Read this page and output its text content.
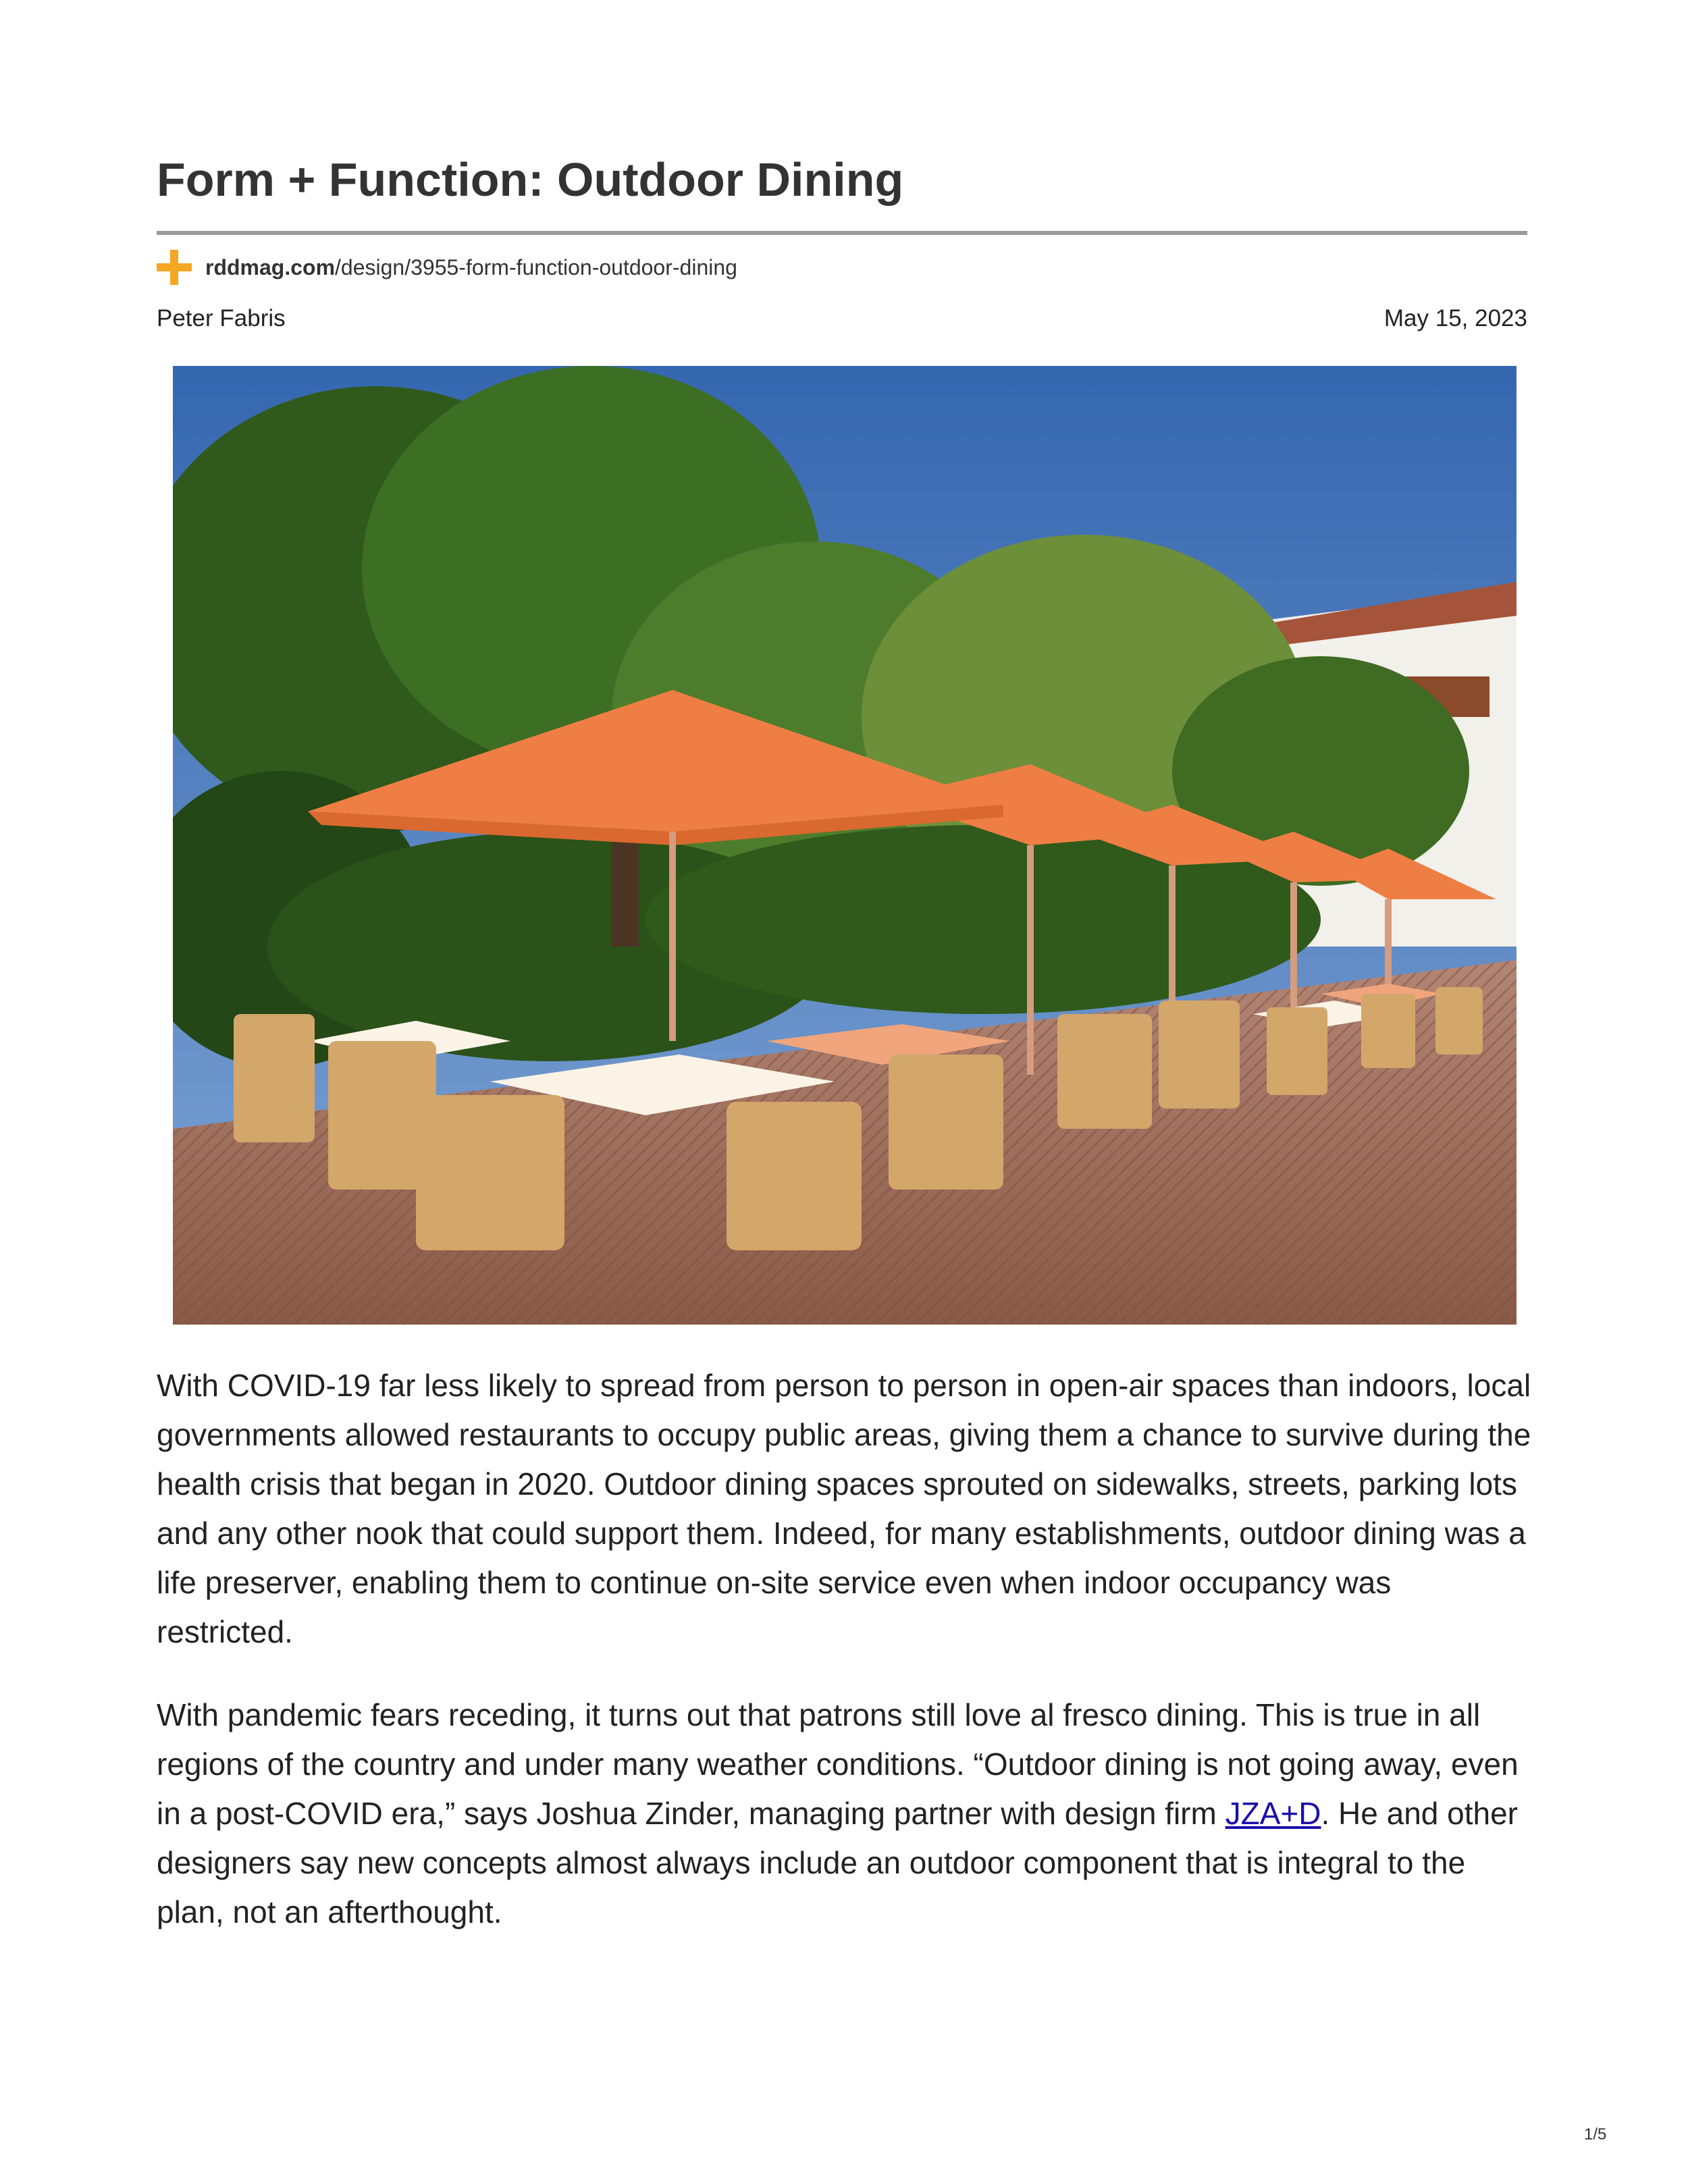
Form + Function: Outdoor Dining
rddmag.com /design/3955-form-function-outdoor-dining
Peter Fabris	May 15, 2023

With COVID-19 far less likely to spread from person to person in open-air spaces than indoors, local governments allowed restaurants to occupy public areas, giving them a chance to survive during the health crisis that began in 2020. Outdoor dining spaces sprouted on sidewalks, streets, parking lots and any other nook that could support them. Indeed, for many establishments, outdoor dining was a life preserver, enabling them to continue on-site service even when indoor occupancy was restricted.

With pandemic fears receding, it turns out that patrons still love al fresco dining. This is true in all regions of the country and under many weather conditions. “Outdoor dining is not going away, even in a post-COVID era,” says Joshua Zinder, managing partner with design firm JZA+D. He and other designers say new concepts almost always include an outdoor component that is integral to the plan, not an afterthought.

1/5
